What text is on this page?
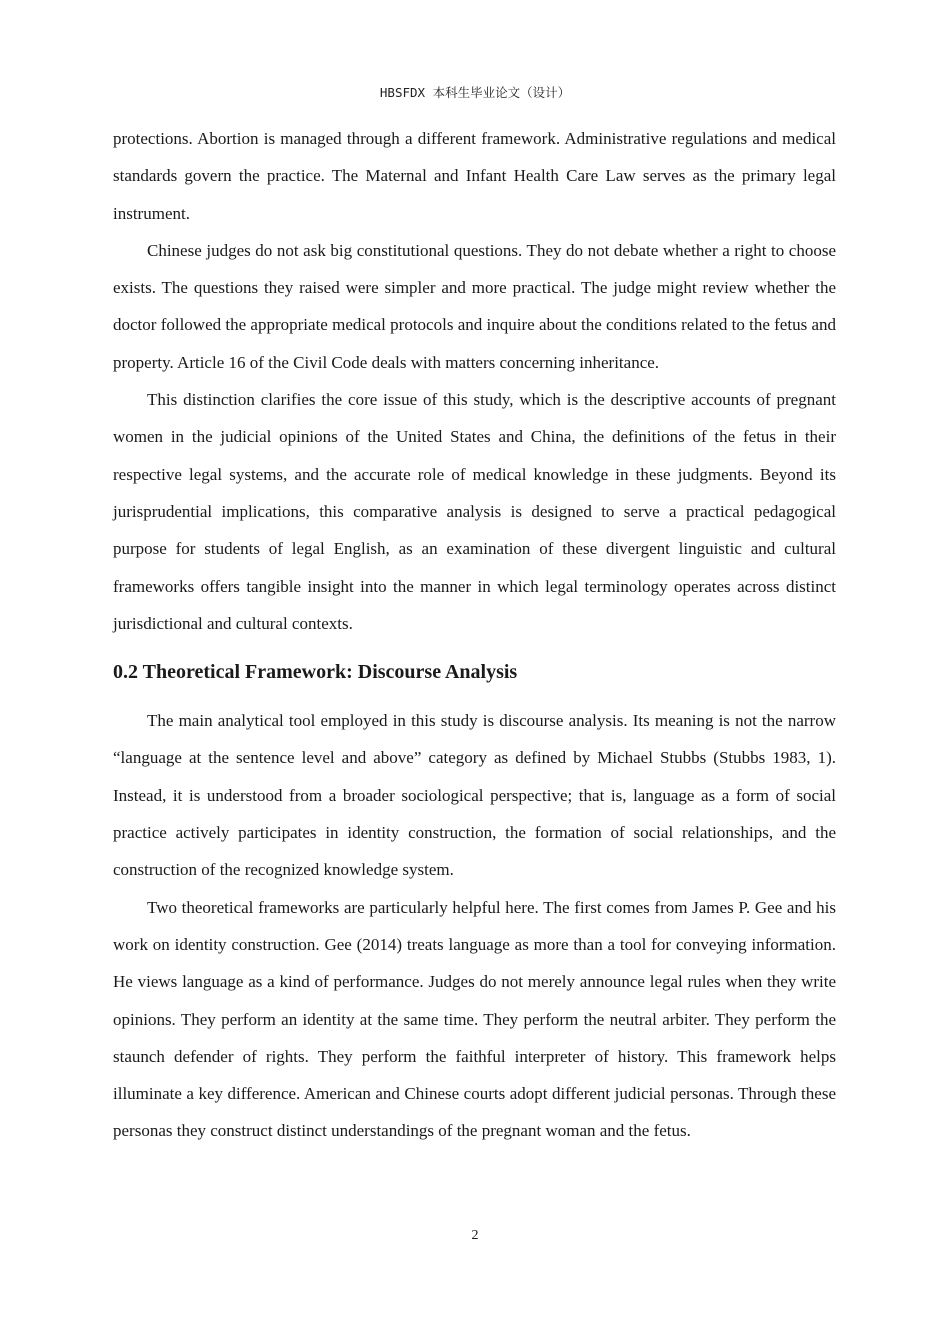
HBSFDX 本科生毕业论文（设计）

protections. Abortion is managed through a different framework. Administrative regulations and medical standards govern the practice. The Maternal and Infant Health Care Law serves as the primary legal instrument.

Chinese judges do not ask big constitutional questions. They do not debate whether a right to choose exists. The questions they raised were simpler and more practical. The judge might review whether the doctor followed the appropriate medical protocols and inquire about the conditions related to the fetus and property. Article 16 of the Civil Code deals with matters concerning inheritance.

This distinction clarifies the core issue of this study, which is the descriptive accounts of pregnant women in the judicial opinions of the United States and China, the definitions of the fetus in their respective legal systems, and the accurate role of medical knowledge in these judgments. Beyond its jurisprudential implications, this comparative analysis is designed to serve a practical pedagogical purpose for students of legal English, as an examination of these divergent linguistic and cultural frameworks offers tangible insight into the manner in which legal terminology operates across distinct jurisdictional and cultural contexts.

0.2 Theoretical Framework: Discourse Analysis

The main analytical tool employed in this study is discourse analysis. Its meaning is not the narrow “language at the sentence level and above” category as defined by Michael Stubbs (Stubbs 1983, 1). Instead, it is understood from a broader sociological perspective; that is, language as a form of social practice actively participates in identity construction, the formation of social relationships, and the construction of the recognized knowledge system.

Two theoretical frameworks are particularly helpful here. The first comes from James P. Gee and his work on identity construction. Gee (2014) treats language as more than a tool for conveying information. He views language as a kind of performance. Judges do not merely announce legal rules when they write opinions. They perform an identity at the same time. They perform the neutral arbiter. They perform the staunch defender of rights. They perform the faithful interpreter of history. This framework helps illuminate a key difference. American and Chinese courts adopt different judicial personas. Through these personas they construct distinct understandings of the pregnant woman and the fetus.

2
